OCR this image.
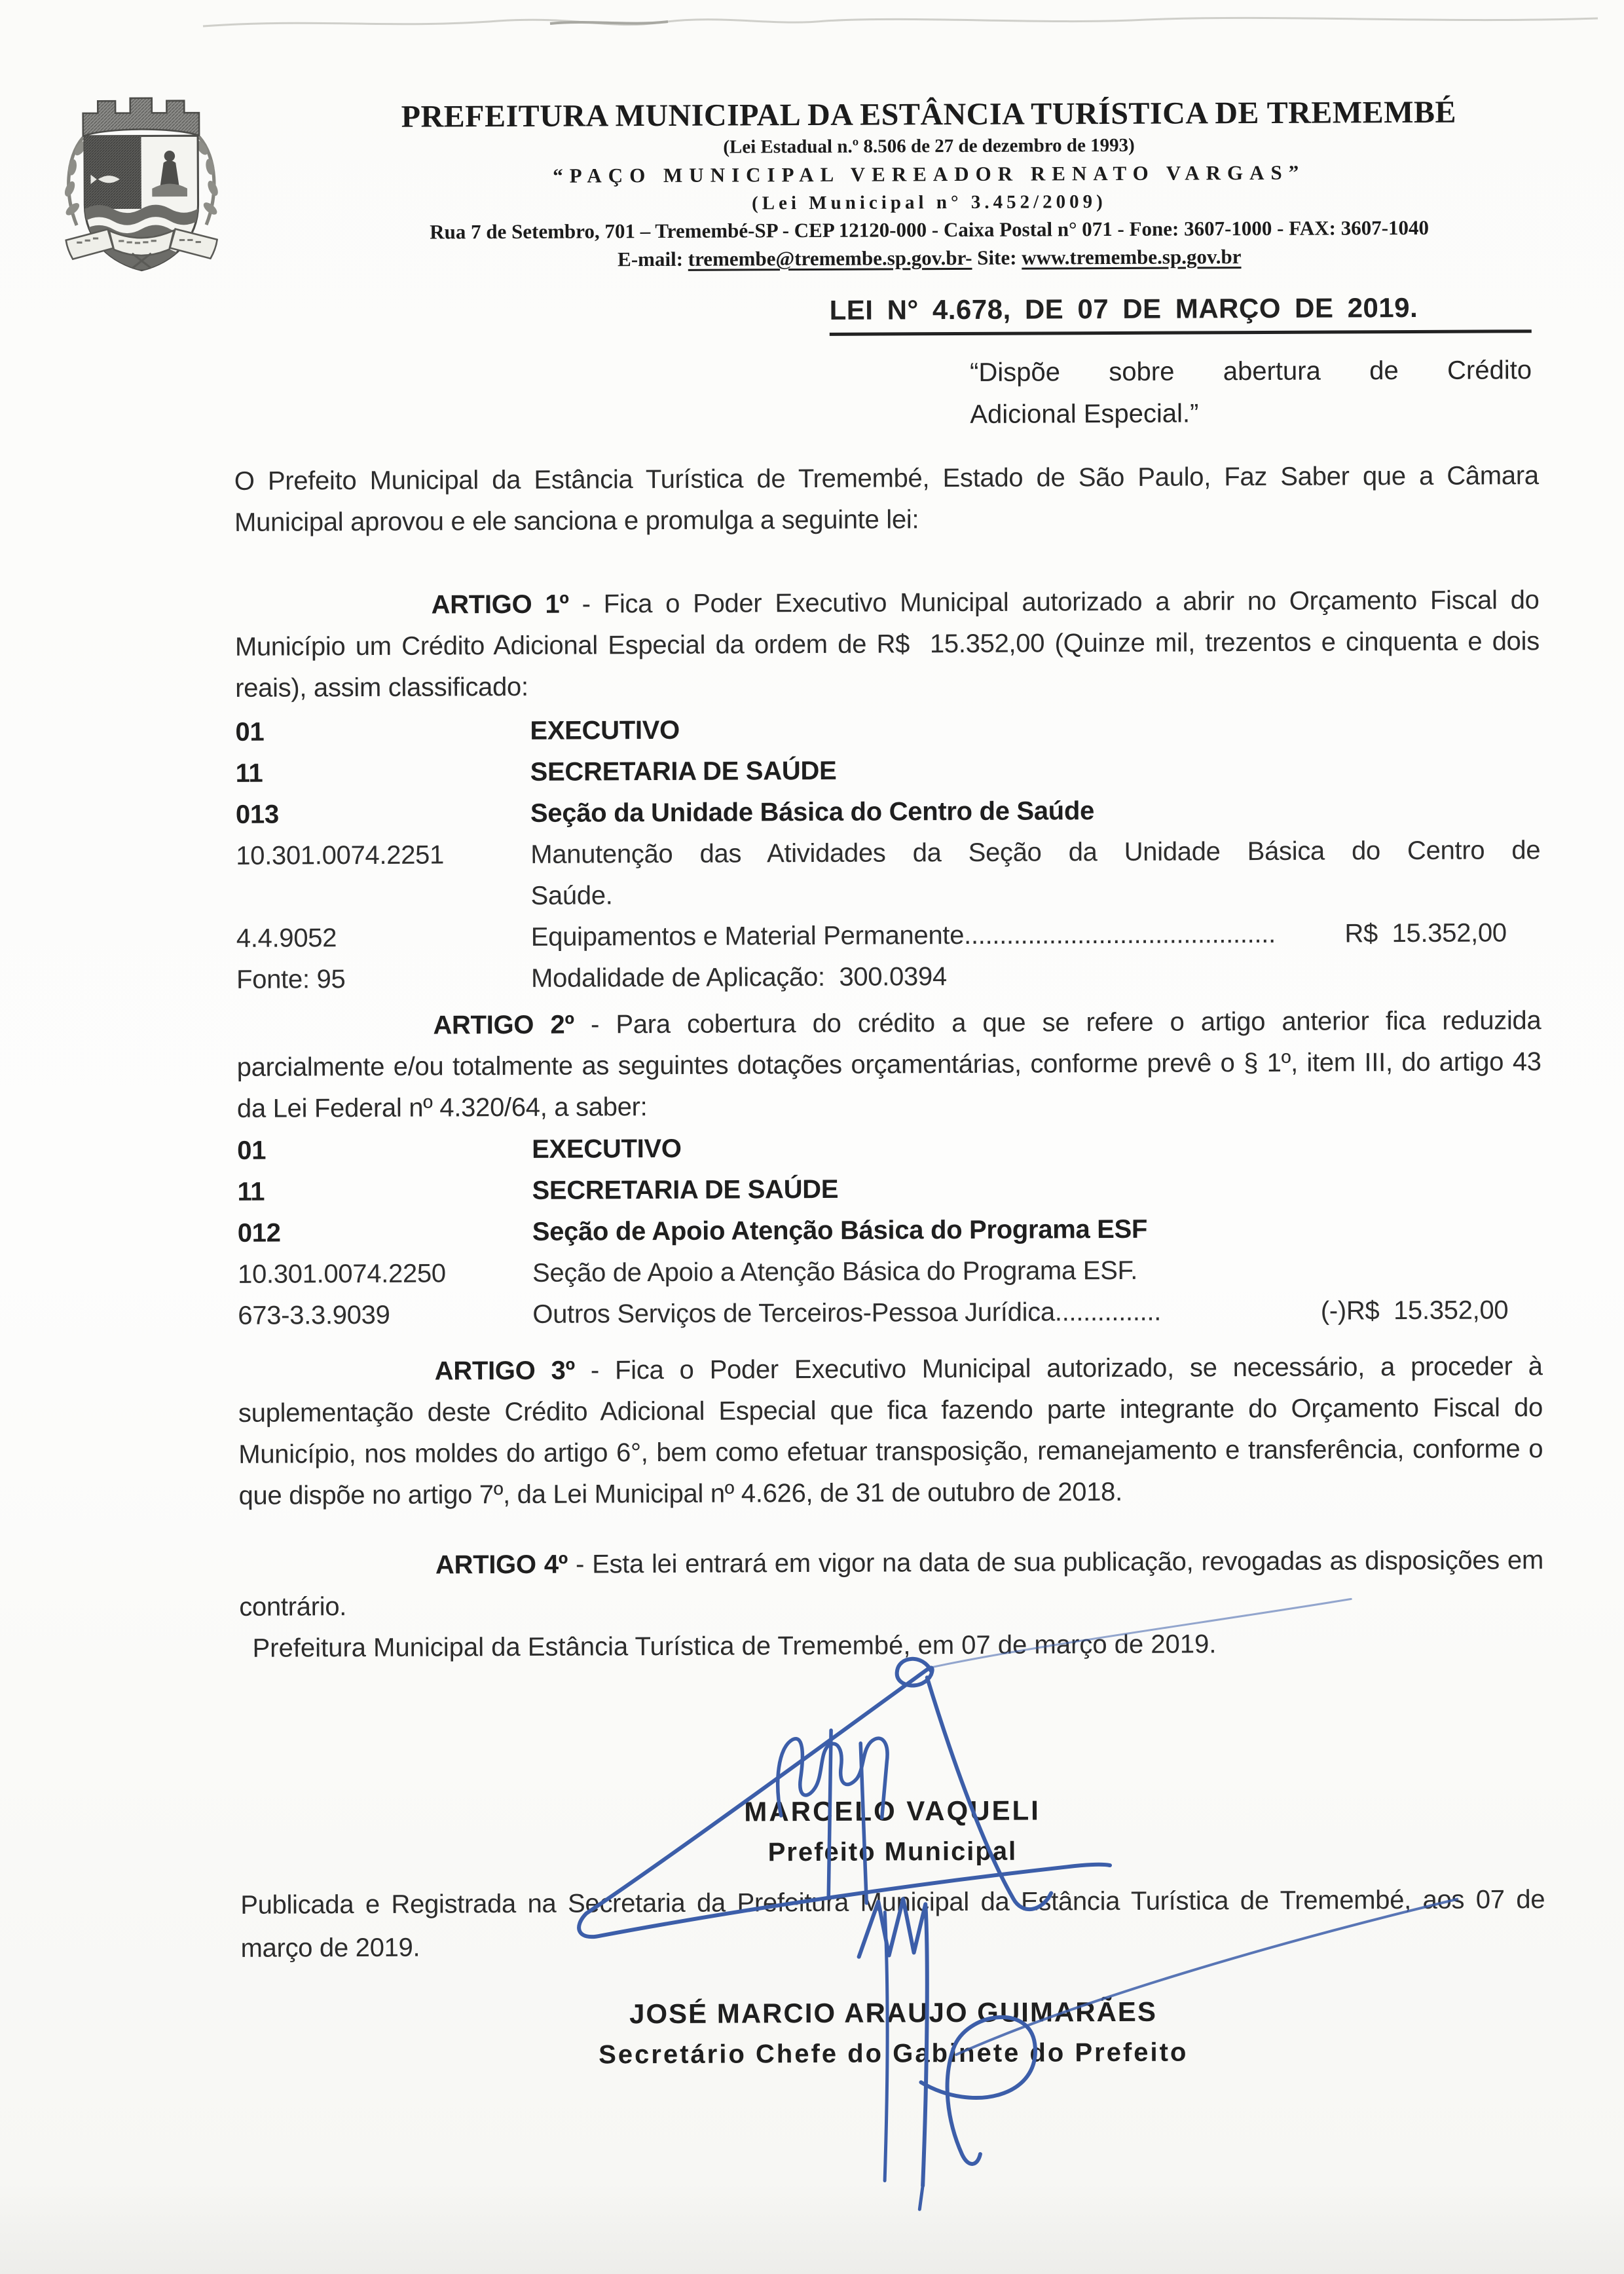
PREFEITURA MUNICIPAL DA ESTÂNCIA TURÍSTICA DE TREMEMBÉ
(Lei Estadual n.º 8.506 de 27 de dezembro de 1993)
“PAÇO MUNICIPAL VEREADOR RENATO VARGAS”
(Lei Municipal n° 3.452/2009)
Rua 7 de Setembro, 701 – Tremembé-SP - CEP 12120-000 - Caixa Postal n° 071 - Fone: 3607-1000 - FAX: 3607-1040
E-mail: tremembe@tremembe.sp.gov.br- Site: www.tremembe.sp.gov.br
LEI N° 4.678, DE 07 DE MARÇO DE 2019.
“Dispõe sobre abertura de Crédito
Adicional Especial.”
O Prefeito Municipal da Estância Turística de Tremembé, Estado de São Paulo, Faz Saber que a Câmara Municipal aprovou e ele sanciona e promulga a seguinte lei:
ARTIGO 1º - Fica o Poder Executivo Municipal autorizado a abrir no Orçamento Fiscal do Município um Crédito Adicional Especial da ordem de R$  15.352,00 (Quinze mil, trezentos e cinquenta e dois reais), assim classificado:
01	EXECUTIVO
11	SECRETARIA DE SAÚDE
013	Seção da Unidade Básica do Centro de Saúde
10.301.0074.2251	Manutenção das Atividades da Seção da Unidade Básica do Centro de
Saúde.
4.4.9052	Equipamentos e Material Permanente............................................	R$  15.352,00
Fonte: 95	Modalidade de Aplicação:  300.0394
ARTIGO 2º - Para cobertura do crédito a que se refere o artigo anterior fica reduzida parcialmente e/ou totalmente as seguintes dotações orçamentárias, conforme prevê o § 1º, item III, do artigo 43 da Lei Federal nº 4.320/64, a saber:
01	EXECUTIVO
11	SECRETARIA DE SAÚDE
012	Seção de Apoio Atenção Básica do Programa ESF
10.301.0074.2250	Seção de Apoio a Atenção Básica do Programa ESF.
673-3.3.9039	Outros Serviços de Terceiros-Pessoa Jurídica...............	(-)R$  15.352,00
ARTIGO 3º - Fica o Poder Executivo Municipal autorizado, se necessário, a proceder à suplementação deste Crédito Adicional Especial que fica fazendo parte integrante do Orçamento Fiscal do Município, nos moldes do artigo 6°, bem como efetuar transposição, remanejamento e transferência, conforme o que dispõe no artigo 7º, da Lei Municipal nº 4.626, de 31 de outubro de 2018.
ARTIGO 4º - Esta lei entrará em vigor na data de sua publicação, revogadas as disposições em contrário.
Prefeitura Municipal da Estância Turística de Tremembé, em 07 de março de 2019.
MARCELO VAQUELI
Prefeito Municipal
Publicada e Registrada na Secretaria da Prefeitura Municipal da Estância Turística de Tremembé, aos 07 de março de 2019.
JOSÉ MARCIO ARAUJO GUIMARÃES
Secretário Chefe do Gabinete do Prefeito
